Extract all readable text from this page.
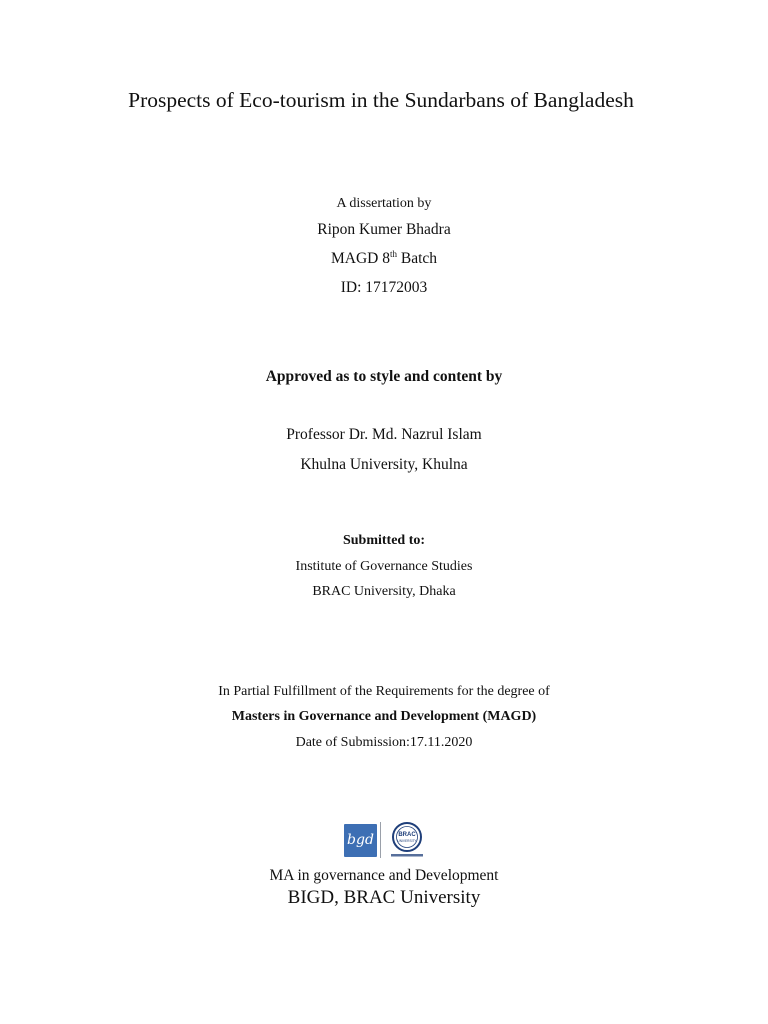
Prospects of Eco-tourism in the Sundarbans of Bangladesh
A dissertation by
Ripon Kumer Bhadra
MAGD 8th Batch
ID: 17172003
Approved as to style and content by
Professor Dr. Md. Nazrul Islam
Khulna University, Khulna
Submitted to:
Institute of Governance Studies
BRAC University, Dhaka
In Partial Fulfillment of the Requirements for the degree of
Masters in Governance and Development (MAGD)
Date of Submission:17.11.2020
bgd	BRAC
UNIVERSITY
MA in governance and Development
BIGD, BRAC University
